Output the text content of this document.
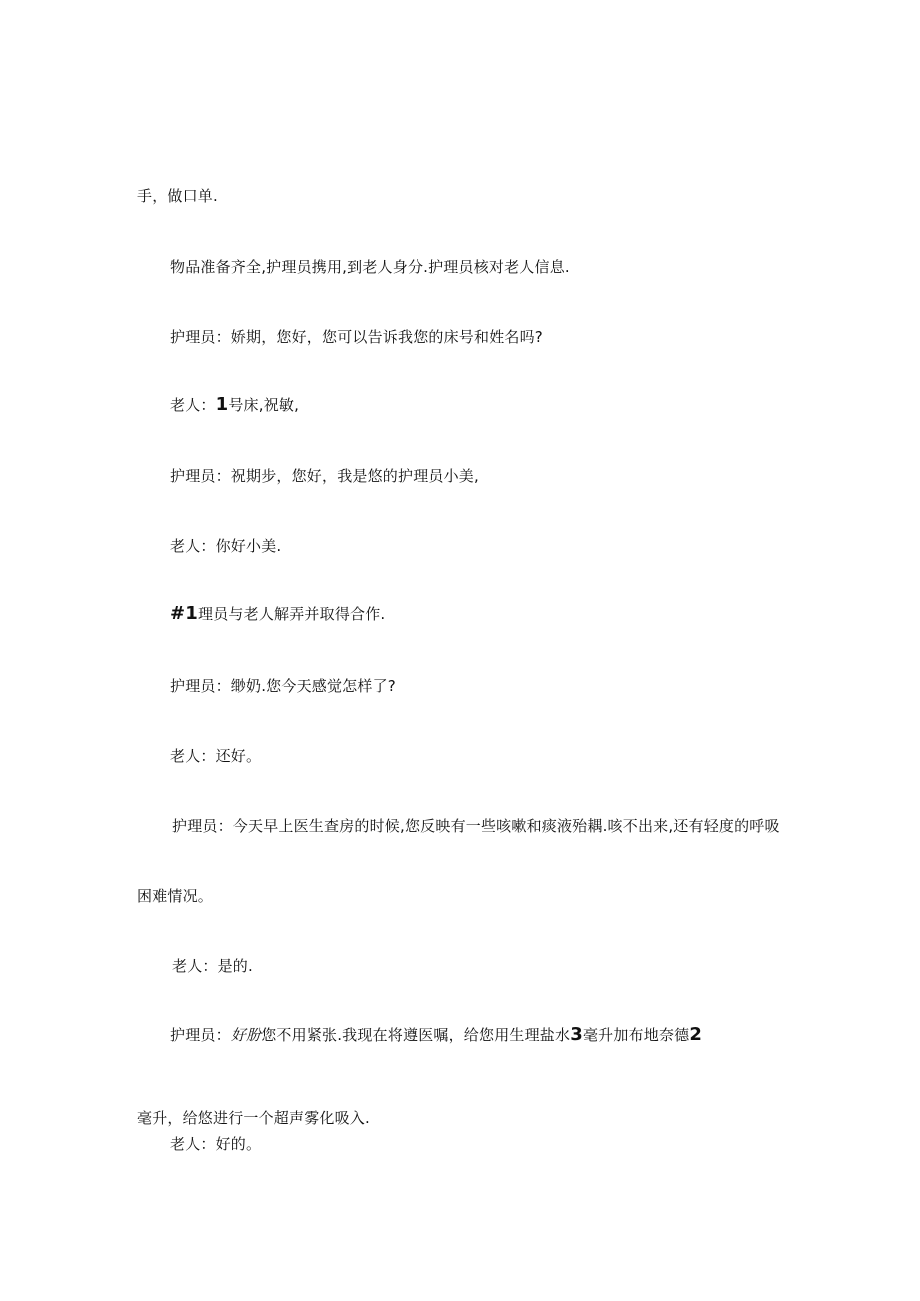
手，做口单.
物品准备齐全,护理员携用,到老人身分.护理员核对老人信息.
护理员：娇期，您好，您可以告诉我您的床号和姓名吗?
老人：1号床,祝敏,
护理员：祝期步，您好，我是悠的护理员小美,
老人：你好小美.
#1理员与老人解弄并取得合作.
护理员：缈奶.您今天感觉怎样了?
老人：还好。
护理员：今天早上医生查房的时候,您反映有一些咳嗽和痰液殆耦.咳不出来,还有轻度的呼吸
困难情况。
老人：是的.
护理员：好朌您不用紧张.我现在将遵医嘱，给您用生理盐水3毫升加布地奈德2
毫升，给悠进行一个超声雾化吸入.
老人：好的。
